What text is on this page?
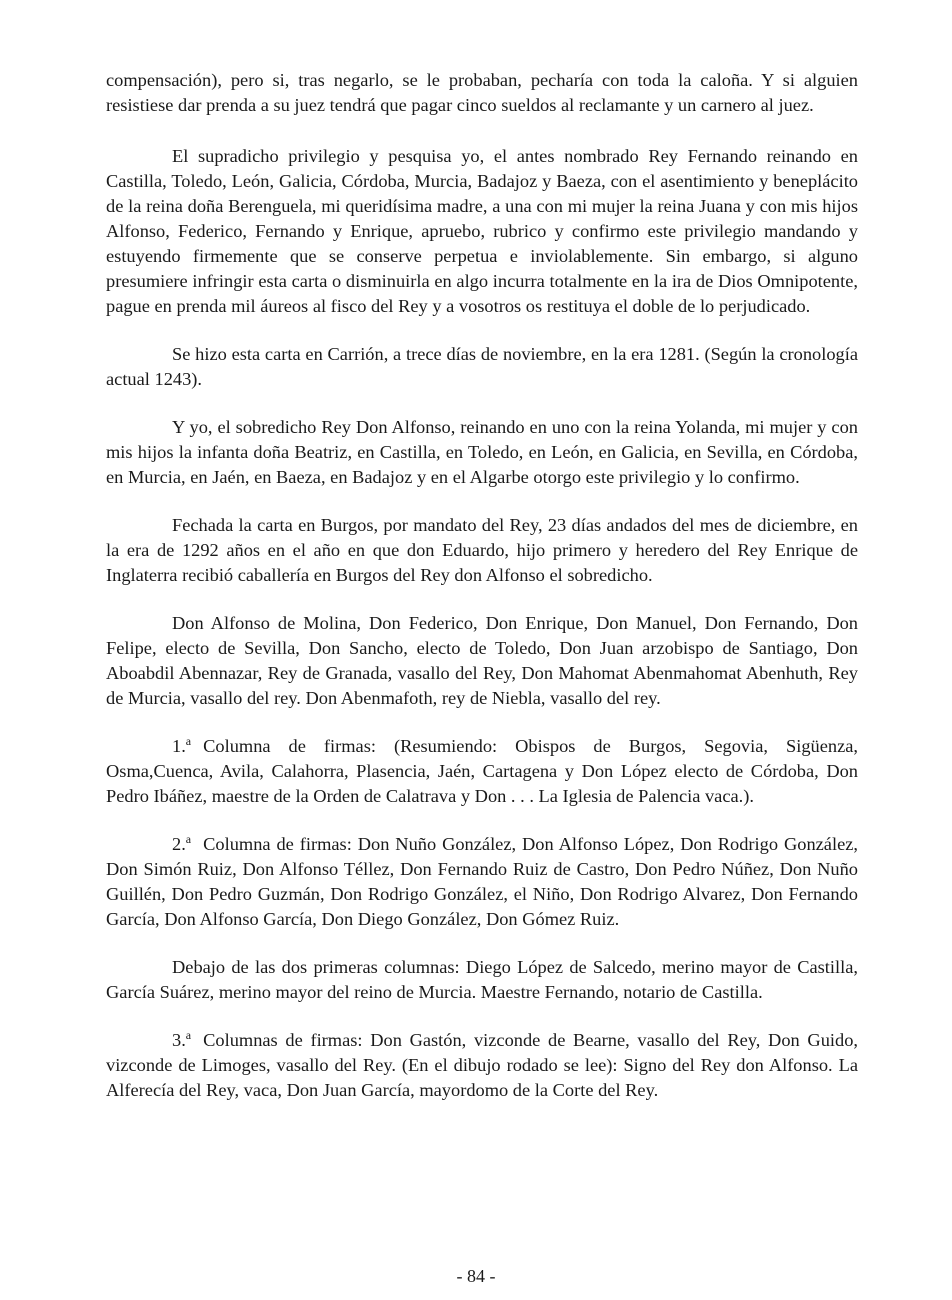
compensación), pero si, tras negarlo, se le probaban, pecharía con toda la caloña. Y si alguien resistiese dar prenda a su juez tendrá que pagar cinco sueldos al reclamante y un carnero al juez.

El supradicho privilegio y pesquisa yo, el antes nombrado Rey Fernando reinando en Castilla, Toledo, León, Galicia, Córdoba, Murcia, Badajoz y Baeza, con el asentimiento y beneplácito de la reina doña Berenguela, mi queridísima madre, a una con mi mujer la reina Juana y con mis hijos Alfonso, Federico, Fernando y Enrique, apruebo, rubrico y confirmo este privilegio mandando y estuyendo firmemente que se conserve perpetua e inviolablemente. Sin embargo, si alguno presumiere infringir esta carta o disminuirla en algo incurra totalmente en la ira de Dios Omnipotente, pague en prenda mil áureos al fisco del Rey y a vosotros os restituya el doble de lo perjudicado.

Se hizo esta carta en Carrión, a trece días de noviembre, en la era 1281. (Según la cronología actual 1243).

Y yo, el sobredicho Rey Don Alfonso, reinando en uno con la reina Yolanda, mi mujer y con mis hijos la infanta doña Beatriz, en Castilla, en Toledo, en León, en Galicia, en Sevilla, en Córdoba, en Murcia, en Jaén, en Baeza, en Badajoz y en el Algarbe otorgo este privilegio y lo confirmo.

Fechada la carta en Burgos, por mandato del Rey, 23 días andados del mes de diciembre, en la era de 1292 años en el año en que don Eduardo, hijo primero y heredero del Rey Enrique de Inglaterra recibió caballería en Burgos del Rey don Alfonso el sobredicho.

Don Alfonso de Molina, Don Federico, Don Enrique, Don Manuel, Don Fernando, Don Felipe, electo de Sevilla, Don Sancho, electo de Toledo, Don Juan arzobispo de Santiago, Don Aboabdil Abennazar, Rey de Granada, vasallo del Rey, Don Mahomat Abenmahomat Abenhuth, Rey de Murcia, vasallo del rey. Don Abenmafoth, rey de Niebla, vasallo del rey.

1.$^a$ Columna de firmas: (Resumiendo: Obispos de Burgos, Segovia, Sigüenza, Osma,Cuenca, Avila, Calahorra, Plasencia, Jaén, Cartagena y Don López electo de Córdoba, Don Pedro Ibáñez, maestre de la Orden de Calatrava y Don . . . La Iglesia de Palencia vaca.).

2.$^a$ Columna de firmas: Don Nuño González, Don Alfonso López, Don Rodrigo González, Don Simón Ruiz, Don Alfonso Téllez, Don Fernando Ruiz de Castro, Don Pedro Núñez, Don Nuño Guillén, Don Pedro Guzmán, Don Rodrigo González, el Niño, Don Rodrigo Alvarez, Don Fernando García, Don Alfonso García, Don Diego González, Don Gómez Ruiz.

Debajo de las dos primeras columnas: Diego López de Salcedo, merino mayor de Castilla, García Suárez, merino mayor del reino de Murcia. Maestre Fernando, notario de Castilla.

3.$^a$ Columnas de firmas: Don Gastón, vizconde de Bearne, vasallo del Rey, Don Guido, vizconde de Limoges, vasallo del Rey. (En el dibujo rodado se lee): Signo del Rey don Alfonso. La Alferecía del Rey, vaca, Don Juan García, mayordomo de la Corte del Rey.

- 84 -
